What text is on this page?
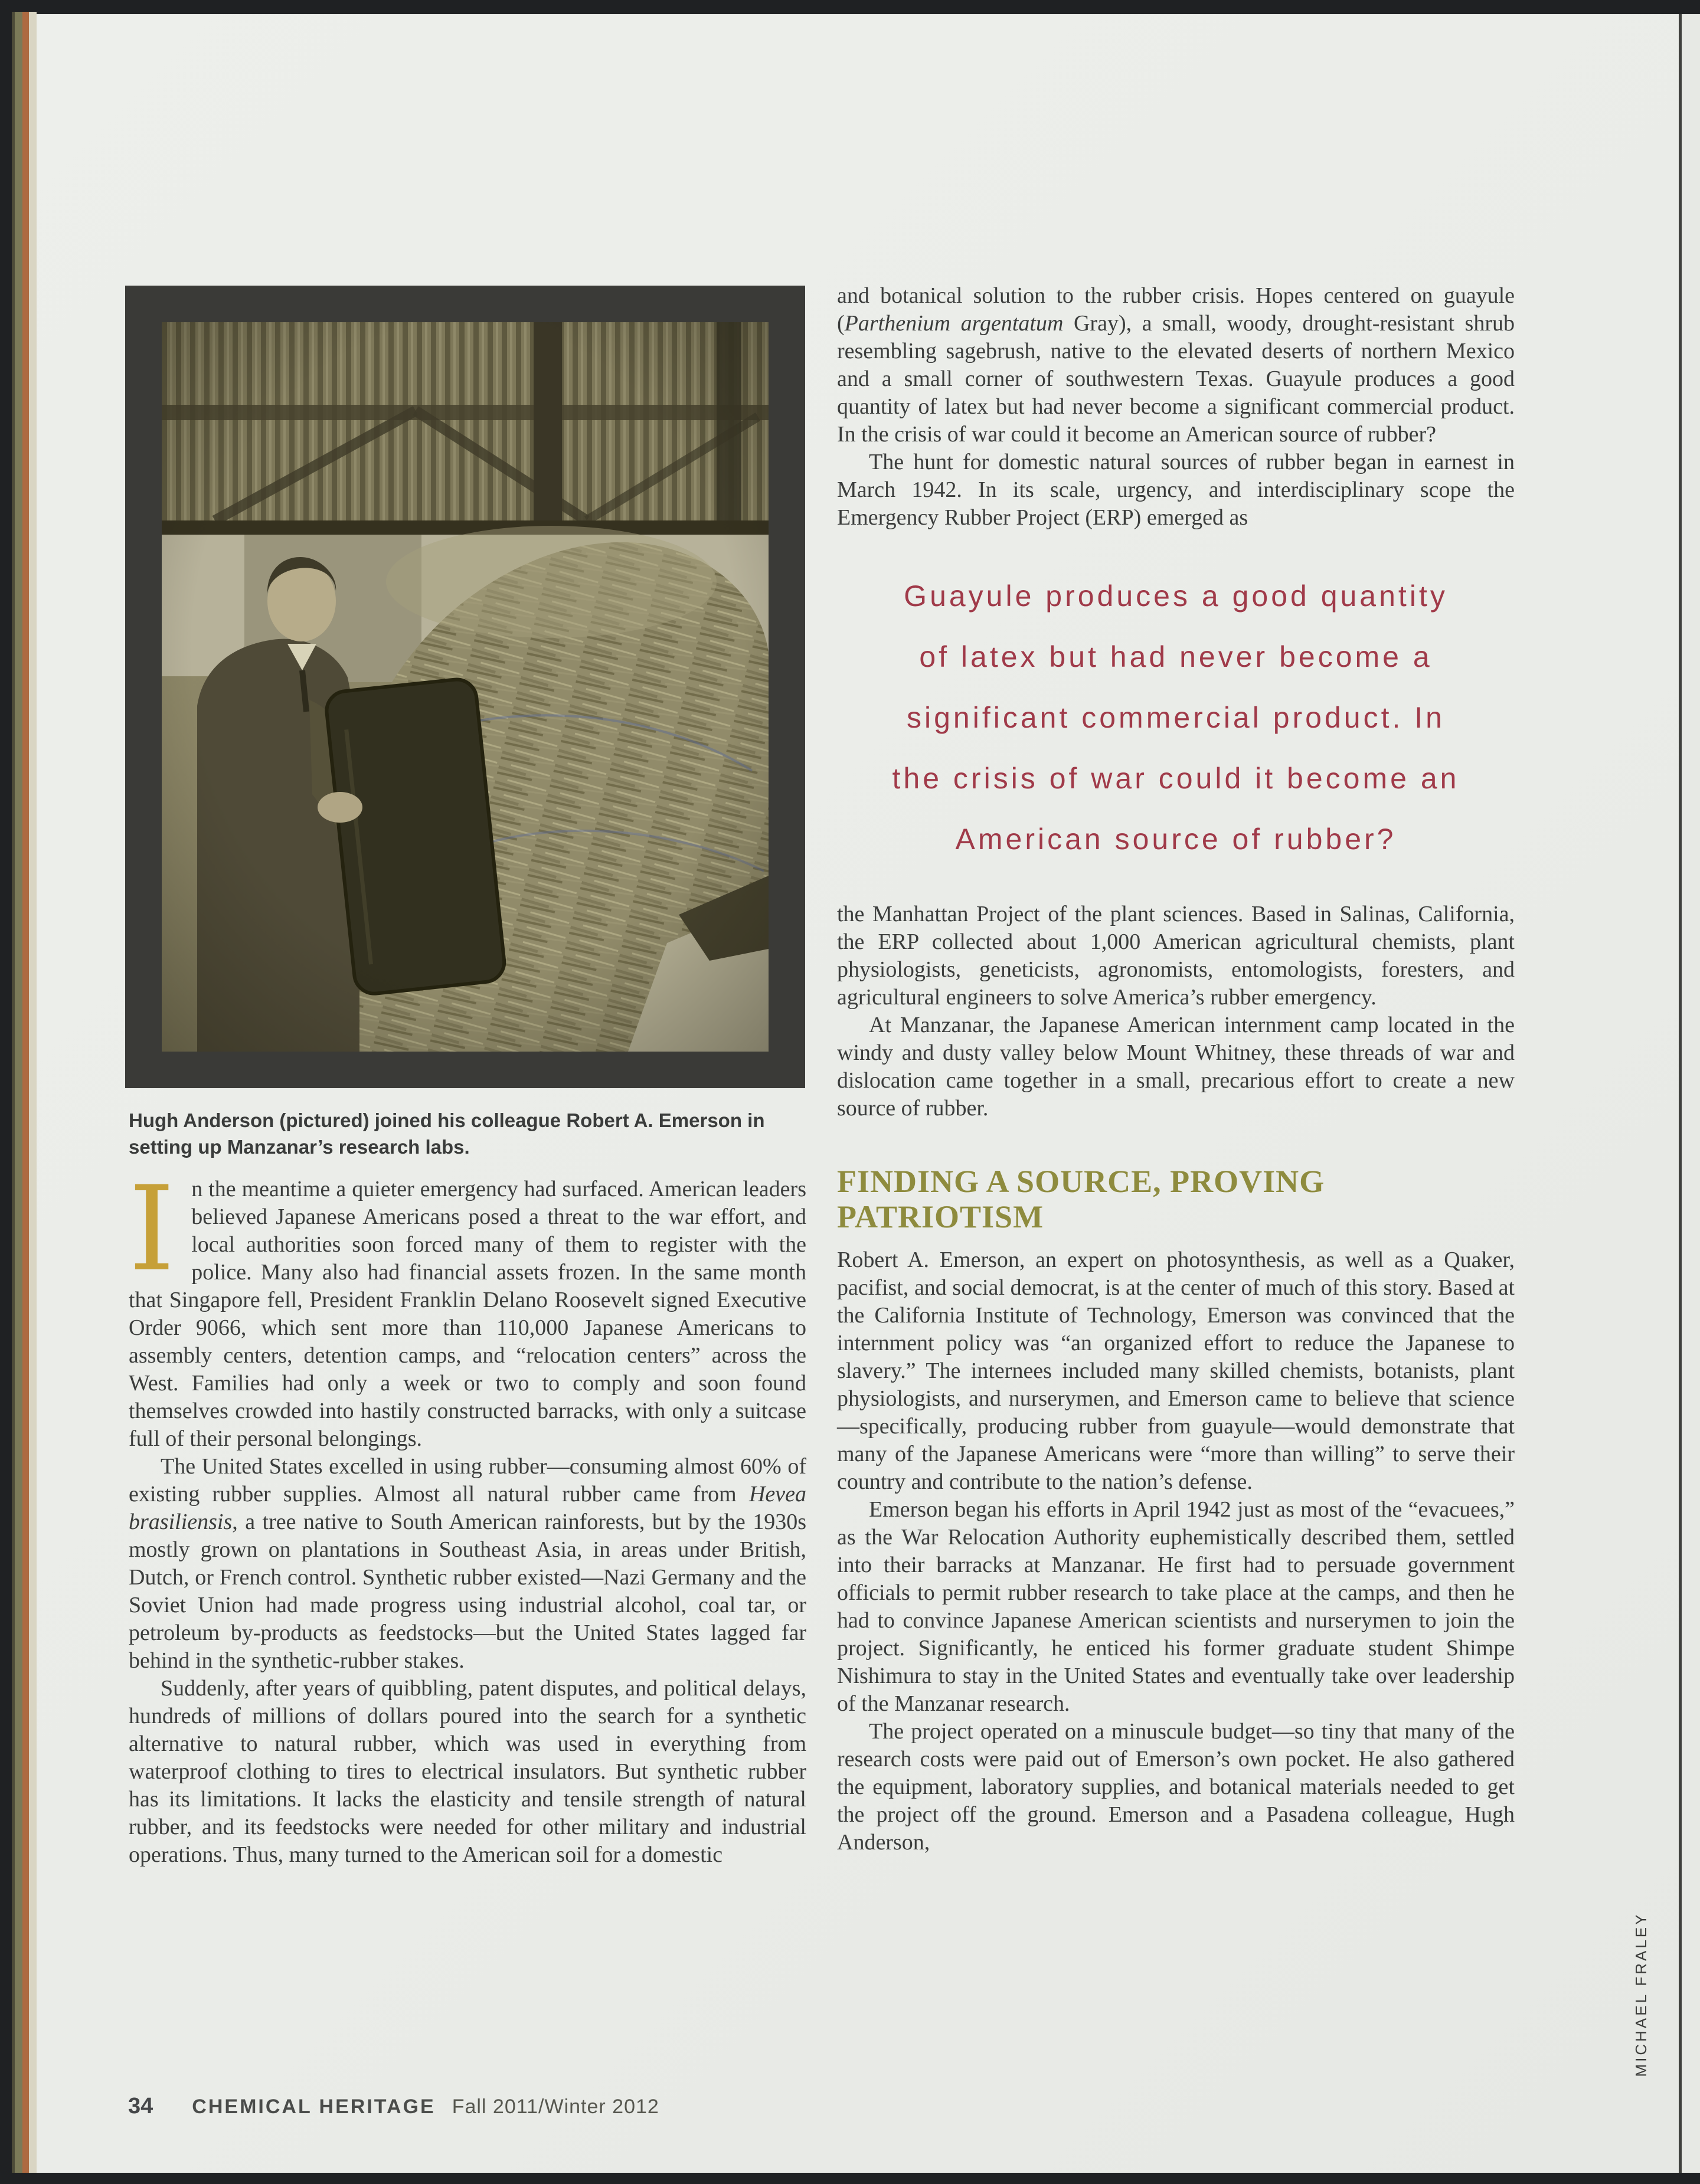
Hugh Anderson (pictured) joined his colleague Robert A. Emerson in
setting up Manzanar’s research labs.

In the meantime a quieter emergency had surfaced. American leaders believed Japanese Americans posed a threat to the war effort, and local authorities soon forced many of them to register with the police. Many also had financial assets frozen. In the same month that Singapore fell, President Franklin Delano Roosevelt signed Executive Order 9066, which sent more than 110,000 Japanese Americans to assembly centers, detention camps, and “relocation centers” across the West. Families had only a week or two to comply and soon found themselves crowded into hastily constructed barracks, with only a suitcase full of their personal belongings.

The United States excelled in using rubber—consuming almost 60% of existing rubber supplies. Almost all natural rubber came from Hevea brasiliensis, a tree native to South American rainforests, but by the 1930s mostly grown on plantations in Southeast Asia, in areas under British, Dutch, or French control. Synthetic rubber existed—Nazi Germany and the Soviet Union had made progress using industrial alcohol, coal tar, or petroleum by-products as feedstocks—but the United States lagged far behind in the synthetic-rubber stakes.

Suddenly, after years of quibbling, patent disputes, and political delays, hundreds of millions of dollars poured into the search for a synthetic alternative to natural rubber, which was used in everything from waterproof clothing to tires to electrical insulators. But synthetic rubber has its limitations. It lacks the elasticity and tensile strength of natural rubber, and its feedstocks were needed for other military and industrial operations. Thus, many turned to the American soil for a domestic

and botanical solution to the rubber crisis. Hopes centered on guayule (Parthenium argentatum Gray), a small, woody, drought-resistant shrub resembling sagebrush, native to the elevated deserts of northern Mexico and a small corner of southwestern Texas. Guayule produces a good quantity of latex but had never become a significant commercial product. In the crisis of war could it become an American source of rubber?

The hunt for domestic natural sources of rubber began in earnest in March 1942. In its scale, urgency, and interdisciplinary scope the Emergency Rubber Project (ERP) emerged as

Guayule produces a good quantity
of latex but had never become a
significant commercial product. In
the crisis of war could it become an
American source of rubber?

the Manhattan Project of the plant sciences. Based in Salinas, California, the ERP collected about 1,000 American agricultural chemists, plant physiologists, geneticists, agronomists, entomologists, foresters, and agricultural engineers to solve America’s rubber emergency.

At Manzanar, the Japanese American internment camp located in the windy and dusty valley below Mount Whitney, these threads of war and dislocation came together in a small, precarious effort to create a new source of rubber.

FINDING A SOURCE, PROVING PATRIOTISM

Robert A. Emerson, an expert on photosynthesis, as well as a Quaker, pacifist, and social democrat, is at the center of much of this story. Based at the California Institute of Technology, Emerson was convinced that the internment policy was “an organized effort to reduce the Japanese to slavery.” The internees included many skilled chemists, botanists, plant physiologists, and nurserymen, and Emerson came to believe that science—specifically, producing rubber from guayule—would demonstrate that many of the Japanese Americans were “more than willing” to serve their country and contribute to the nation’s defense.

Emerson began his efforts in April 1942 just as most of the “evacuees,” as the War Relocation Authority euphemistically described them, settled into their barracks at Manzanar. He first had to persuade government officials to permit rubber research to take place at the camps, and then he had to convince Japanese American scientists and nurserymen to join the project. Significantly, he enticed his former graduate student Shimpe Nishimura to stay in the United States and eventually take over leadership of the Manzanar research.

The project operated on a minuscule budget—so tiny that many of the research costs were paid out of Emerson’s own pocket. He also gathered the equipment, laboratory supplies, and botanical materials needed to get the project off the ground. Emerson and a Pasadena colleague, Hugh Anderson,

34 CHEMICAL HERITAGE Fall 2011/Winter 2012
MICHAEL FRALEY
